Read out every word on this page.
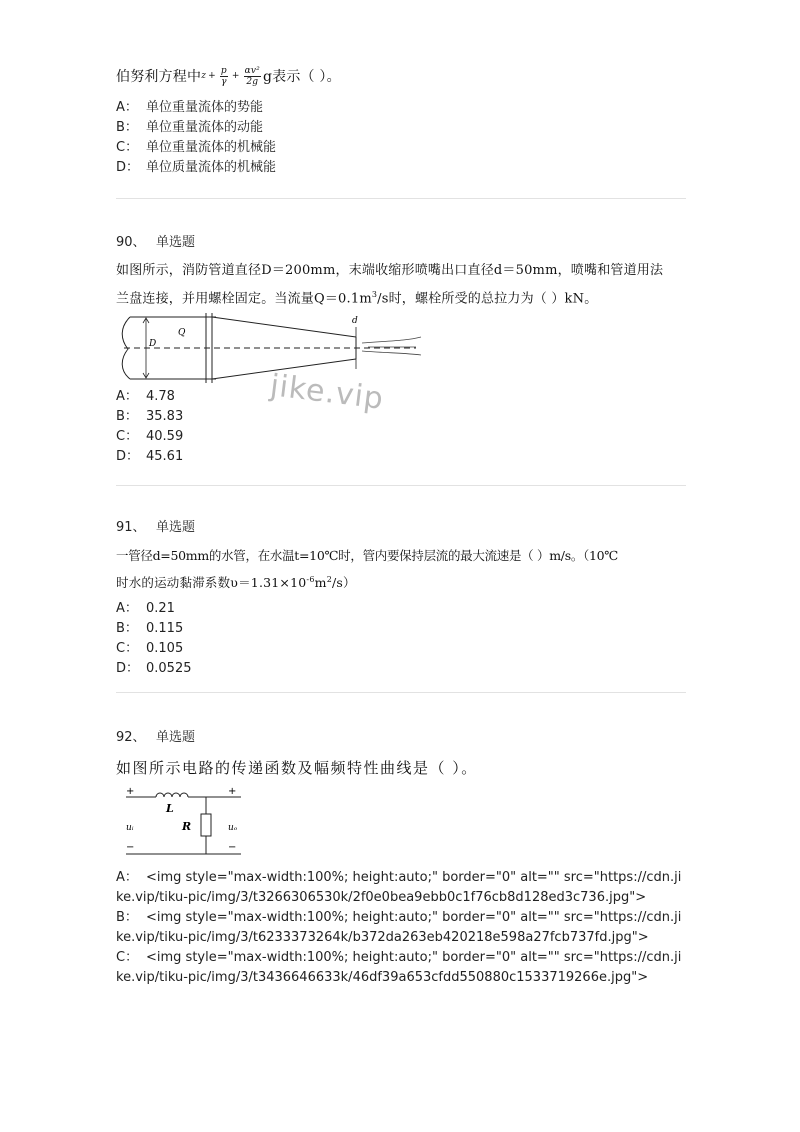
伯努利方程中 $z + \frac{p}{\gamma} + \frac{\text{αv²}}{2g}$ g表示（ ）。
A： 单位重量流体的势能
B： 单位重量流体的动能
C： 单位重量流体的机械能
D： 单位质量流体的机械能
90、 单选题
如图所示，消防管道直径D＝200mm，末端收缩形喷嘴出口直径d＝50mm，喷嘴和管道用法
兰盘连接，并用螺栓固定。当流量$Q=0.1m^3/s$时，螺栓所受的总拉力为（ ）kN。
D
Q
d
A： 4.78
B： 35.83
C： 40.59
D： 45.61
91、 单选题
一管径d=50mm的水管，在水温t=10℃时，管内要保持层流的最大流速是（ ）m/s。（10℃
时水的运动黏滞系数$\upsilon=1.31\times 10^{-6}m^2/s$）
A： 0.21
B： 0.115
C： 0.105
D： 0.0525
92、 单选题
如图所示电路的传递函数及幅频特性曲线是（ ）。
+	+
−	−
L
R
uᵢ	uₒ
A： <img style="max-width:100%; height:auto;" border="0" alt="" src="https://cdn.jike.vip/tiku-pic/img/3/t3266306530k/2f0e0bea9ebb0c1f76cb8d128ed3c736.jpg">
B： <img style="max-width:100%; height:auto;" border="0" alt="" src="https://cdn.jike.vip/tiku-pic/img/3/t6233373264k/b372da263eb420218e598a27fcb737fd.jpg">
C： <img style="max-width:100%; height:auto;" border="0" alt="" src="https://cdn.jike.vip/tiku-pic/img/3/t3436646633k/46df39a653cfdd550880c1533719266e.jpg">
jike.vip
